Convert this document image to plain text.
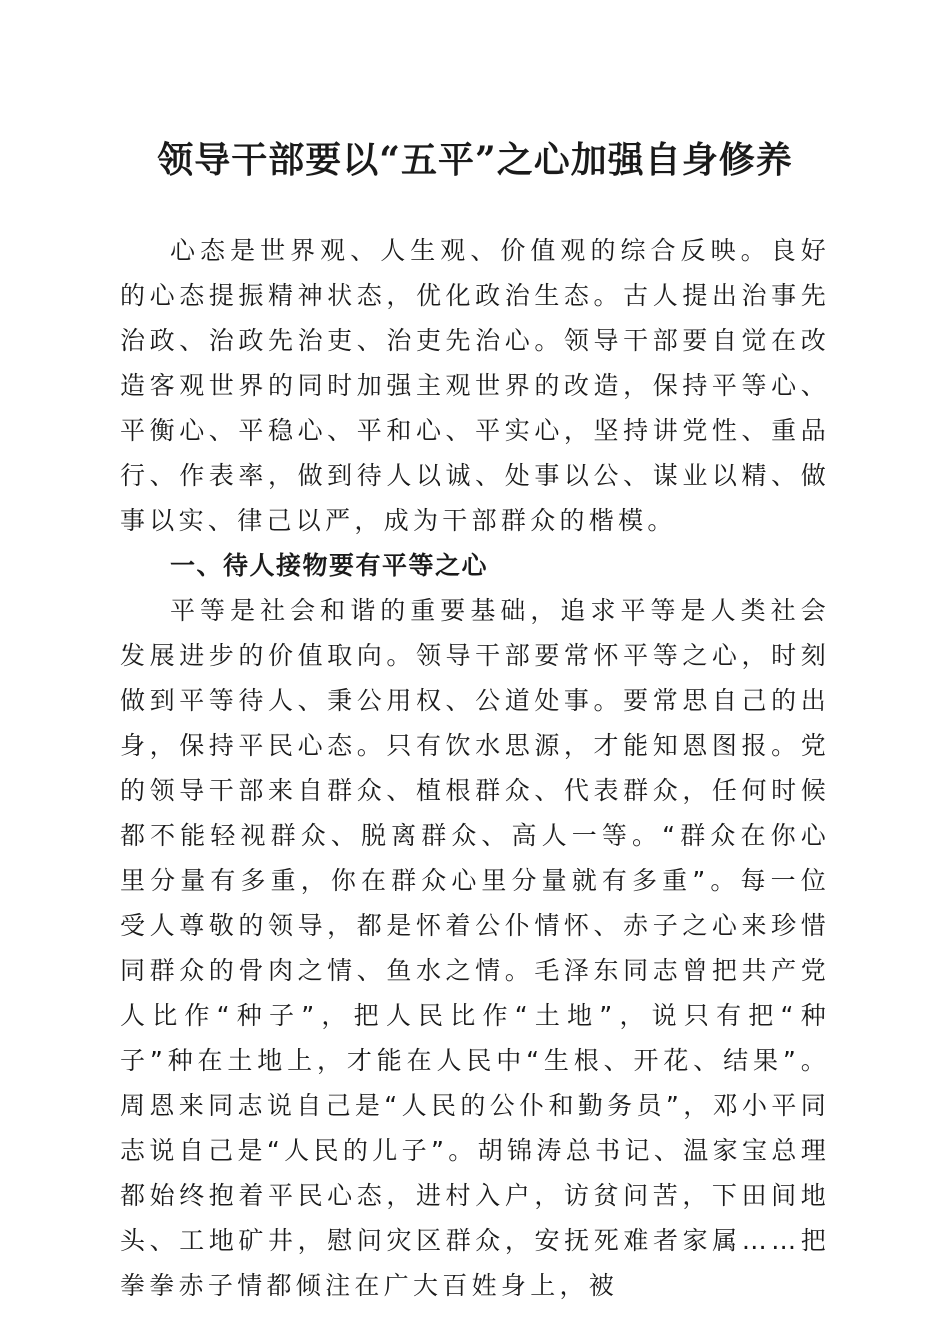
领导干部要以“五平”之心加强自身修养

心态是世界观、人生观、价值观的综合反映。良好的心态提振精神状态，优化政治生态。古人提出治事先治政、治政先治吏、治吏先治心。领导干部要自觉在改造客观世界的同时加强主观世界的改造，保持平等心、平衡心、平稳心、平和心、平实心，坚持讲党性、重品行、作表率，做到待人以诚、处事以公、谋业以精、做事以实、律己以严，成为干部群众的楷模。

一、待人接物要有平等之心

平等是社会和谐的重要基础，追求平等是人类社会发展进步的价值取向。领导干部要常怀平等之心，时刻做到平等待人、秉公用权、公道处事。要常思自己的出身，保持平民心态。只有饮水思源，才能知恩图报。党的领导干部来自群众、植根群众、代表群众，任何时候都不能轻视群众、脱离群众、高人一等。“群众在你心里分量有多重，你在群众心里分量就有多重”。每一位受人尊敬的领导，都是怀着公仆情怀、赤子之心来珍惜同群众的骨肉之情、鱼水之情。毛泽东同志曾把共产党人比作“种子”，把人民比作“土地”，说只有把“种子”种在土地上，才能在人民中“生根、开花、结果”。周恩来同志说自己是“人民的公仆和勤务员”，邓小平同志说自己是“人民的儿子”。胡锦涛总书记、温家宝总理都始终抱着平民心态，进村入户，访贫问苦，下田间地头、工地矿井，慰问灾区群众，安抚死难者家属……把拳拳赤子情都倾注在广大百姓身上，被
